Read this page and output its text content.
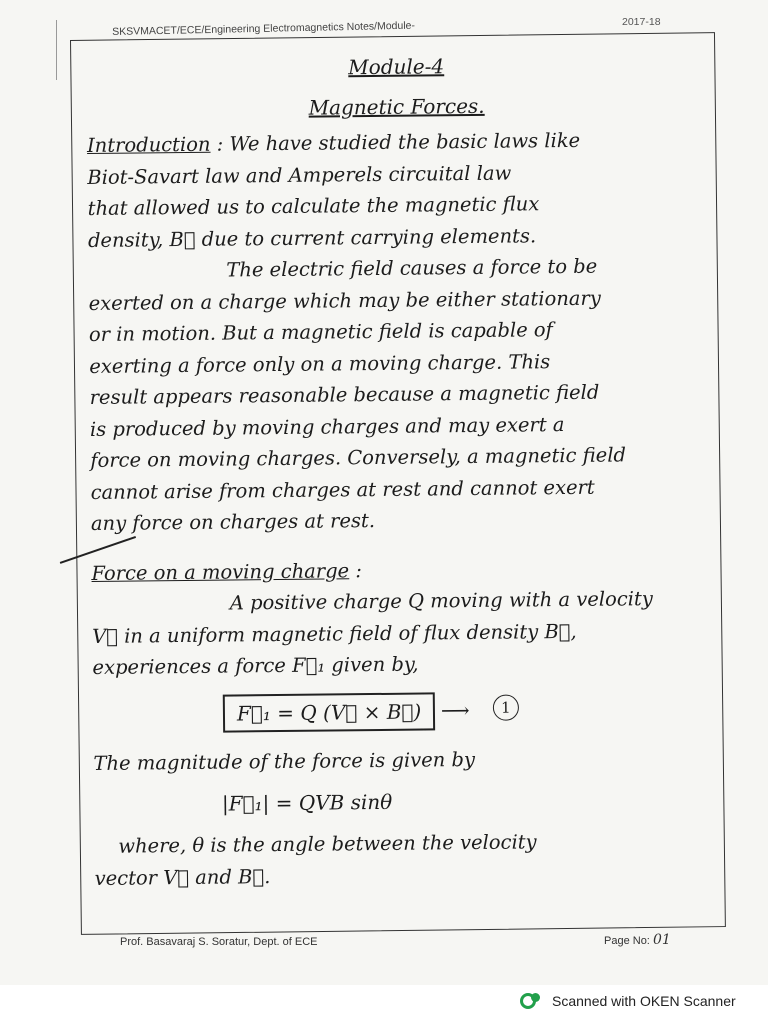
SKSVMACET/ECE/Engineering Electromagnetics Notes/Module-	2017-18
Module-4
Magnetic Forces.
Introduction : We have studied the basic laws like
Biot-Savart law and Amperels circuital law
that allowed us to calculate the magnetic flux
density, B⃗ due to current carrying elements.
The electric field causes a force to be
exerted on a charge which may be either stationary
or in motion. But a magnetic field is capable of
exerting a force only on a moving charge. This
result appears reasonable because a magnetic field
is produced by moving charges and may exert a
force on moving charges. Conversely, a magnetic field
cannot arise from charges at rest and cannot exert
any force on charges at rest.
Force on a moving charge :
A positive charge Q moving with a velocity
V⃗ in a uniform magnetic field of flux density B⃗,
experiences a force F⃗₁ given by,
F⃗₁ = Q (V⃗ × B⃗) ⟶	1
The magnitude of the force is given by
|F⃗₁| = QVB sinθ
where, θ is the angle between the velocity
vector V⃗ and B⃗.
Prof. Basavaraj S. Soratur, Dept. of ECE	Page No: 01
Scanned with OKEN Scanner
